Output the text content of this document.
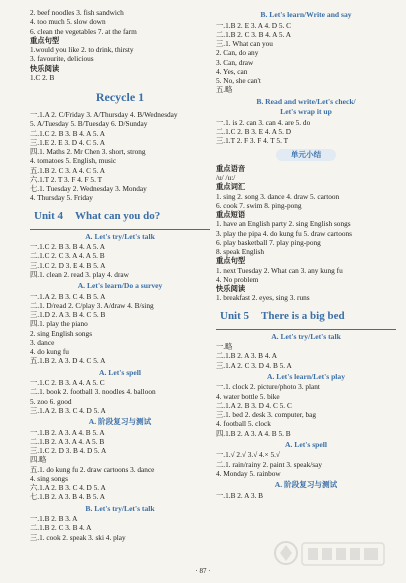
2. beef noodles 3. fish sandwich
4. too much 5. slow down
6. clean the vegetables 7. at the farm
重点句型
1.would you like 2. to drink, thirsty
3. favourite, delicious
快乐阅读
1.C 2. B
Recycle 1
一.1.A 2. C/Friday 3. A/Thursday 4. B/Wednesday
5. A/Tuesday 5. B/Tuesday 6. D/Sunday
二.1.C 2. B 3. B 4. A 5. A
三.1.E 2. E 3. D 4. C 5. A
四.1. Maths 2. Mr Chen 3. short, strong
4. tomatoes 5. English, music
五.1.B 2. C 3. A 4. C 5. A
六.1.T 2. T 3. F 4. F 5. T
七.1. Tuesday 2. Wednesday 3. Monday
4. Thursday 5. Friday
Unit 4 What can you do?
A. Let's try/Let's talk
一.1.C 2. B 3. B 4. A 5. A
二.1.C 2. C 3. A 4. A 5. B
三.1.C 2. D 3. E 4. B 5. A
四.1. clean 2. read 3. play 4. draw
A. Let's learn/Do a survey
一.1.A 2. B 3. C 4. B 5. A
二.1. D/read 2. C/play 3. A/draw 4. B/sing
三.1.D 2. A 3. B 4. C 5. B
四.1. play the piano
2. sing English songs
3. dance
4. do kung fu
五.1.B 2. A 3. D 4. C 5. A
A. Let's spell
一.1.C 2. B 3. A 4. A 5. C
二.1. book 2. football 3. noodles 4. balloon
5. zoo 6. good
三.1.A 2. B 3. C 4. D 5. A
A. 阶段复习与测试
一.1.B 2. A 3. A 4. B 5. A
二.1.B 2. A 3. A 4. A 5. B
三.1.C 2. D 3. B 4. D 5. A
四.略
五.1. do kung fu 2. draw cartoons 3. dance
4. sing songs
六.1.A 2. B 3. C 4. D 5. A
七.1.B 2. A 3. B 4. B 5. A
B. Let's try/Let's talk
一.1.B 2. B 3. A
二.1.B 2. C 3. B 4. A
三.1. cook 2. speak 3. ski 4. play
B. Let's learn/Write and say
一.1.B 2. E 3. A 4. D 5. C
二.1.B 2. C 3. B 4. A 5. A
三.1. What can you
2. Can, do any
3. Can, draw
4. Yes, can
5. No, she can't
五.略
B. Read and write/Let's check/
Let's wrap it up
一.1. is 2. can 3. can 4. are 5. do
二.1.C 2. B 3. E 4. A 5. D
三.1.T 2. F 3. F 4. T 5. T
单元小结
重点语音
/u/ /u:/
重点词汇
1. sing 2. song 3. dance 4. draw 5. cartoon
6. cook 7. swim 8. ping-pong
重点短语
1. have an English party 2. sing English songs
3. play the pipa 4. do kung fu 5. draw cartoons
6. play basketball 7. play ping-pong
8. speak English
重点句型
1. next Tuesday 2. What can 3. any kung fu
4. No problem
快乐阅读
1. breakfast 2. eyes, sing 3. runs
Unit 5 There is a big bed
A. Let's try/Let's talk
一.略
二.1.B 2. A 3. B 4. A
三.1.A 2. C 3. D 4. B 5. A
A. Let's learn/Let's play
一.1. clock 2. picture/photo 3. plant
4. water bottle 5. bike
二.1.A 2. B 3. D 4. C 5. C
三.1. bed 2. desk 3. computer, bag
4. football 5. clock
四.1.B 2. A 3. A 4. B 5. B
A. Let's spell
一.1.√ 2.√ 3.√ 4.× 5.√
二.1. rain/rainy 2. paint 3. speak/say
4. Monday 5. rainbow
A. 阶段复习与测试
一.1.B 2. A 3. B
· 87 ·
